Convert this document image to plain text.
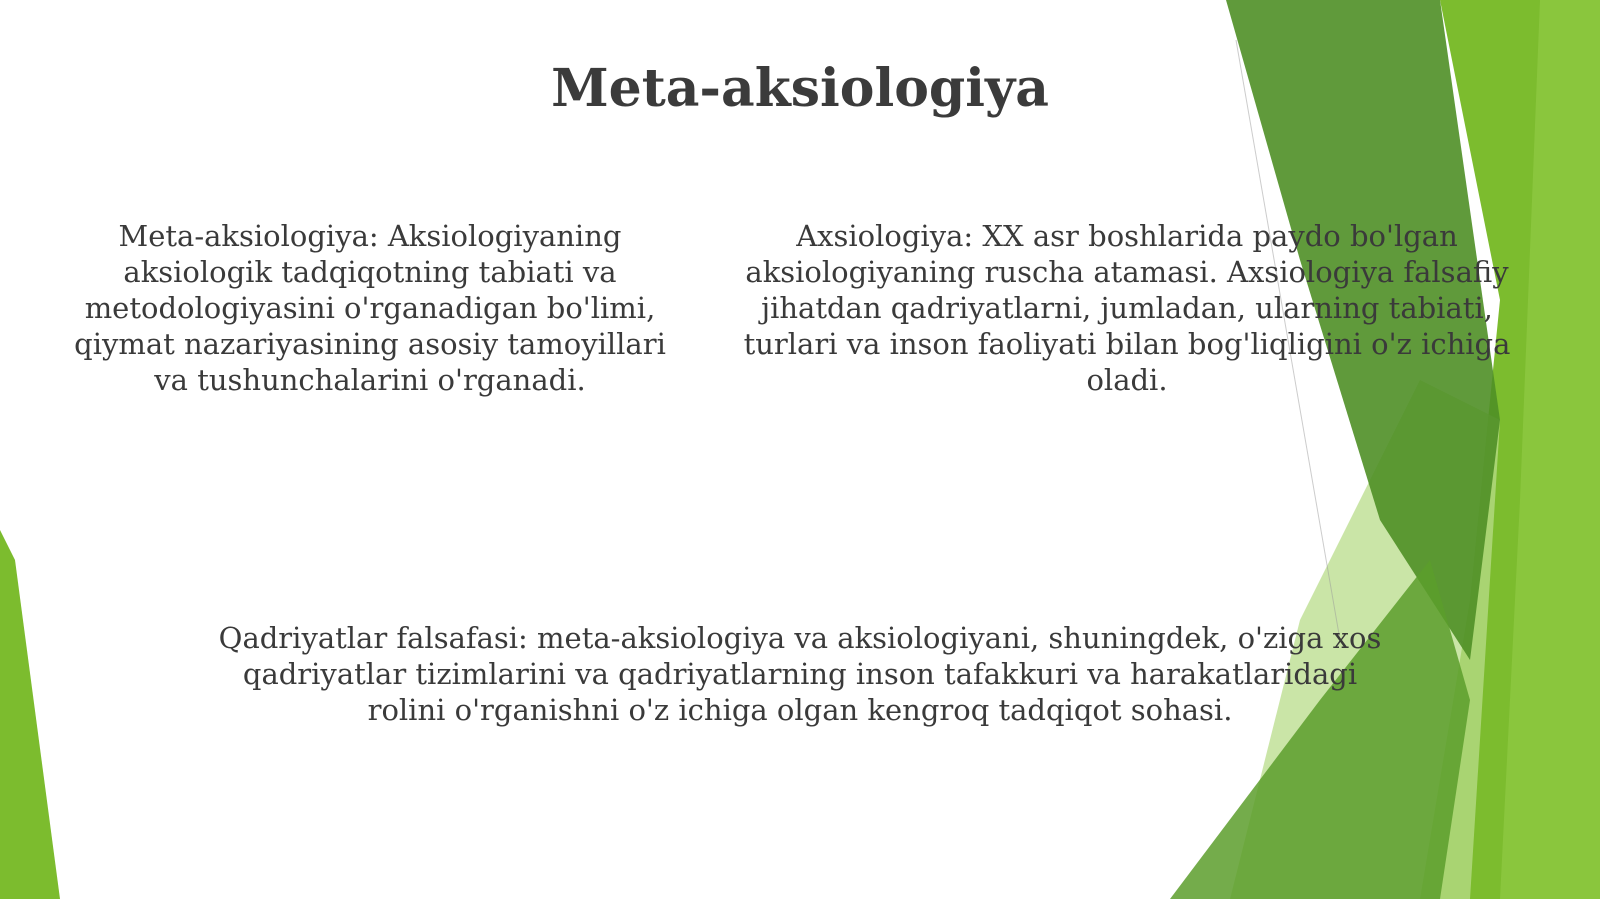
Meta-aksiologiya

Meta-aksiologiya: Aksiologiyaning aksiologik tadqiqotning tabiati va metodologiyasini o'rganadigan bo'limi, qiymat nazariyasining asosiy tamoyillari va tushunchalarini o'rganadi.

Axsiologiya: XX asr boshlarida paydo bo'lgan aksiologiyaning ruscha atamasi. Axsiologiya falsafiy jihatdan qadriyatlarni, jumladan, ularning tabiati, turlari va inson faoliyati bilan bog'liqligini o'z ichiga oladi.

Qadriyatlar falsafasi: meta-aksiologiya va aksiologiyani, shuningdek, o'ziga xos qadriyatlar tizimlarini va qadriyatlarning inson tafakkuri va harakatlaridagi rolini o'rganishni o'z ichiga olgan kengroq tadqiqot sohasi.
